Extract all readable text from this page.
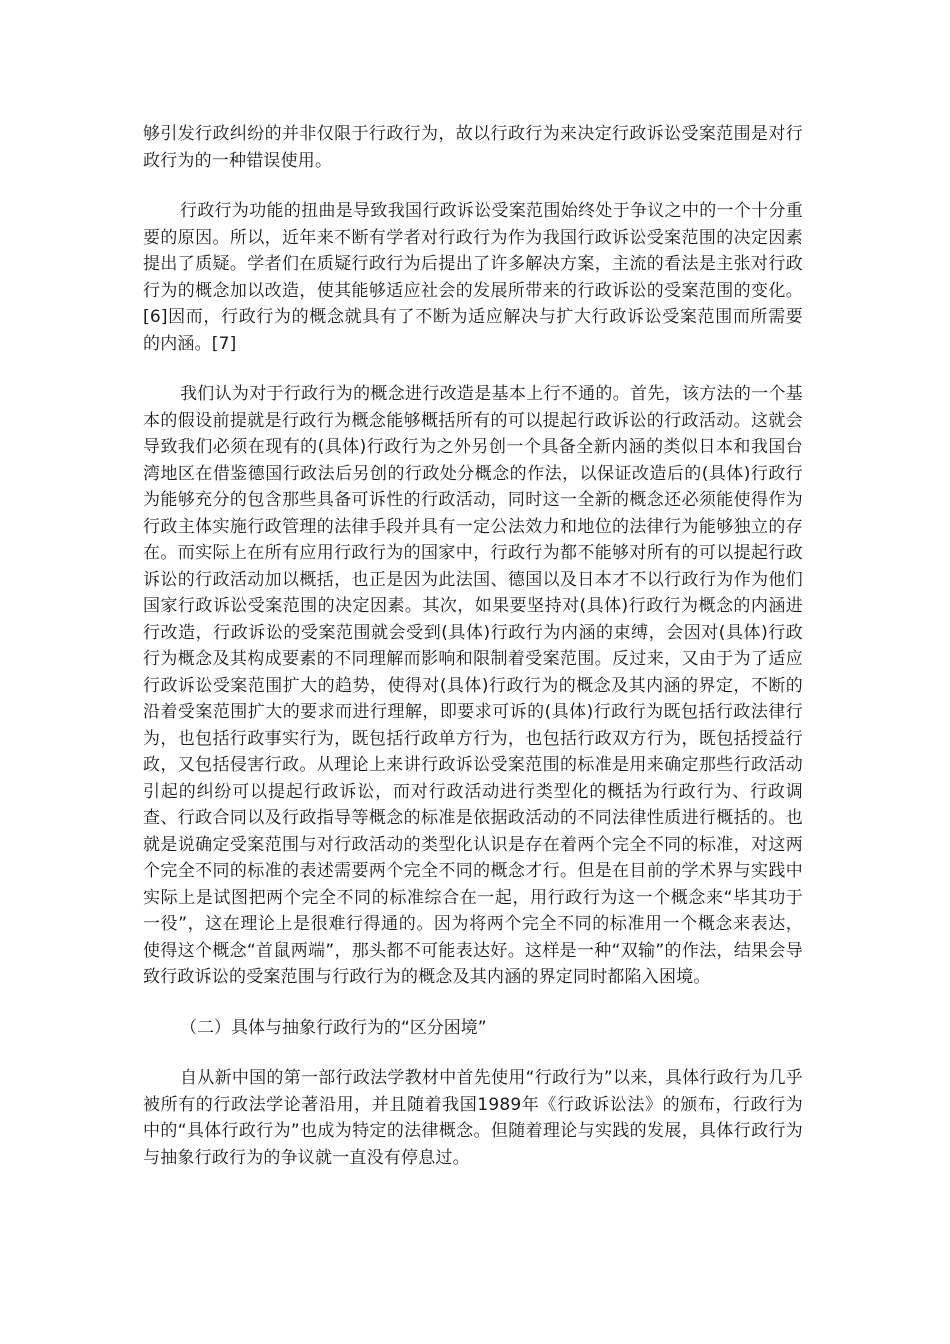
够引发行政纠纷的并非仅限于行政行为，故以行政行为来决定行政诉讼受案范围是对行政行为的一种错误使用。

行政行为功能的扭曲是导致我国行政诉讼受案范围始终处于争议之中的一个十分重要的原因。所以，近年来不断有学者对行政行为作为我国行政诉讼受案范围的决定因素提出了质疑。学者们在质疑行政行为后提出了许多解决方案，主流的看法是主张对行政行为的概念加以改造，使其能够适应社会的发展所带来的行政诉讼的受案范围的变化。[6]因而，行政行为的概念就具有了不断为适应解决与扩大行政诉讼受案范围而所需要的内涵。[7]

我们认为对于行政行为的概念进行改造是基本上行不通的。首先，该方法的一个基本的假设前提就是行政行为概念能够概括所有的可以提起行政诉讼的行政活动。这就会导致我们必须在现有的(具体)行政行为之外另创一个具备全新内涵的类似日本和我国台湾地区在借鉴德国行政法后另创的行政处分概念的作法，以保证改造后的(具体)行政行为能够充分的包含那些具备可诉性的行政活动，同时这一全新的概念还必须能使得作为行政主体实施行政管理的法律手段并具有一定公法效力和地位的法律行为能够独立的存在。而实际上在所有应用行政行为的国家中，行政行为都不能够对所有的可以提起行政诉讼的行政活动加以概括，也正是因为此法国、德国以及日本才不以行政行为作为他们国家行政诉讼受案范围的决定因素。其次，如果要坚持对(具体)行政行为概念的内涵进行改造，行政诉讼的受案范围就会受到(具体)行政行为内涵的束缚，会因对(具体)行政行为概念及其构成要素的不同理解而影响和限制着受案范围。反过来，又由于为了适应行政诉讼受案范围扩大的趋势，使得对(具体)行政行为的概念及其内涵的界定，不断的沿着受案范围扩大的要求而进行理解，即要求可诉的(具体)行政行为既包括行政法律行为，也包括行政事实行为，既包括行政单方行为，也包括行政双方行为，既包括授益行政，又包括侵害行政。从理论上来讲行政诉讼受案范围的标准是用来确定那些行政活动引起的纠纷可以提起行政诉讼，而对行政活动进行类型化的概括为行政行为、行政调查、行政合同以及行政指导等概念的标准是依据政活动的不同法律性质进行概括的。也就是说确定受案范围与对行政活动的类型化认识是存在着两个完全不同的标准，对这两个完全不同的标准的表述需要两个完全不同的概念才行。但是在目前的学术界与实践中实际上是试图把两个完全不同的标准综合在一起，用行政行为这一个概念来“毕其功于一役”，这在理论上是很难行得通的。因为将两个完全不同的标准用一个概念来表达，使得这个概念“首鼠两端”，那头都不可能表达好。这样是一种“双输”的作法，结果会导致行政诉讼的受案范围与行政行为的概念及其内涵的界定同时都陷入困境。

（二）具体与抽象行政行为的“区分困境”

自从新中国的第一部行政法学教材中首先使用“行政行为”以来，具体行政行为几乎被所有的行政法学论著沿用，并且随着我国1989年《行政诉讼法》的颁布，行政行为中的“具体行政行为”也成为特定的法律概念。但随着理论与实践的发展，具体行政行为与抽象行政行为的争议就一直没有停息过。
